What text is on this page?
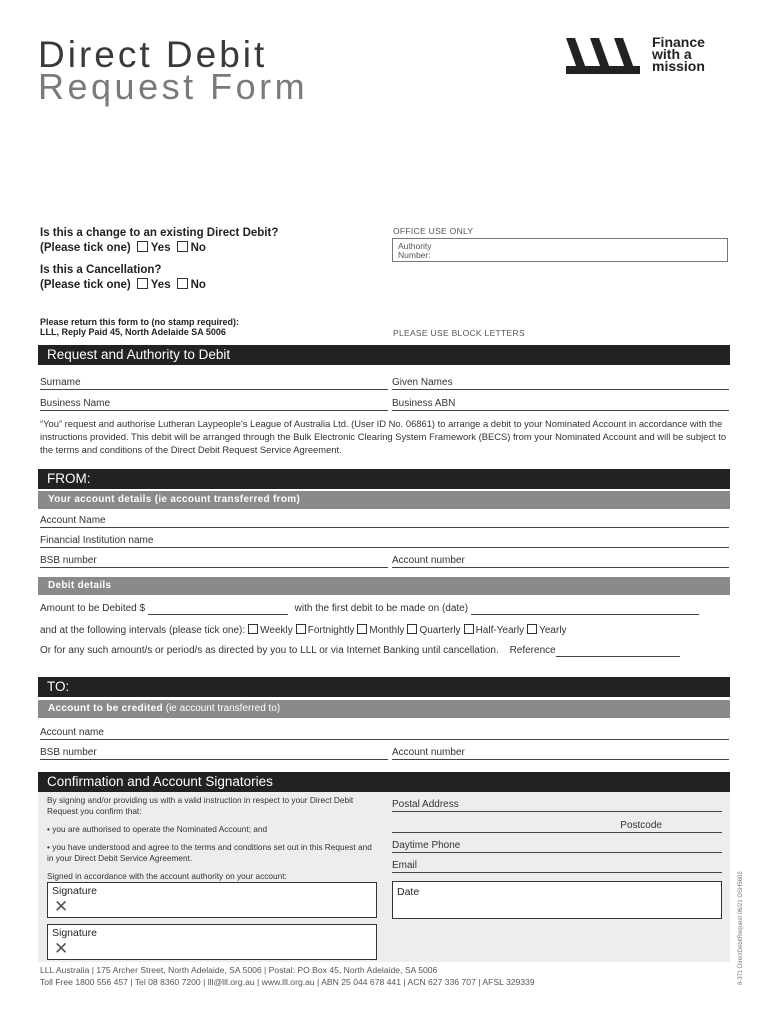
Direct Debit
Request Form
Finance
with a
mission
Is this a change to an existing Direct Debit?
(Please tick one) Yes No
Is this a Cancellation?
(Please tick one) Yes No
OFFICE USE ONLY
Authority
Number:
Please return this form to (no stamp required):
LLL, Reply Paid 45, North Adelaide SA 5006	PLEASE USE BLOCK LETTERS
Request and Authority to Debit
Surname	Given Names
Business Name	Business ABN
“You” request and authorise Lutheran Laypeople’s League of Australia Ltd. (User ID No. 06861) to arrange a debit to your Nominated Account in accordance with the instructions provided. This debit will be arranged through the Bulk Electronic Clearing System Framework (BECS) from your Nominated Account and will be subject to the terms and conditions of the Direct Debit Request Service Agreement.
FROM:
Your account details (ie account transferred from)
Account Name
Financial Institution name
BSB number	Account number
Debit details
Amount to be Debited $	with the first debit to be made on (date)
and at the following intervals (please tick one): Weekly Fortnightly Monthly Quarterly Half-Yearly Yearly
Or for any such amount/s or period/s as directed by you to LLL or via Internet Banking until cancellation. Reference
TO:
Account to be credited (ie account transferred to)
Account name
BSB number	Account number
Confirmation and Account Signatories
By signing and/or providing us with a valid instruction in respect to your Direct Debit Request you confirm that:
• you are authorised to operate the Nominated Account; and
• you have understood and agree to the terms and conditions set out in this Request and in your Direct Debit Service Agreement.
Signed in accordance with the account authority on your account:
Signature
✕
Signature
✕
Postal Address
Postcode
Daytime Phone
Email
Date
LLL Australia | 175 Archer Street, North Adelaide, SA 5006 | Postal: PO Box 45, North Adelaide, SA 5006
Toll Free 1800 556 457 | Tel 08 8360 7200 | lll@lll.org.au | www.lll.org.au | ABN 25 044 678 441 | ACN 627 336 707 | AFSL 329339	8-371 DirectDebitRequest 06/21 OSH5602
